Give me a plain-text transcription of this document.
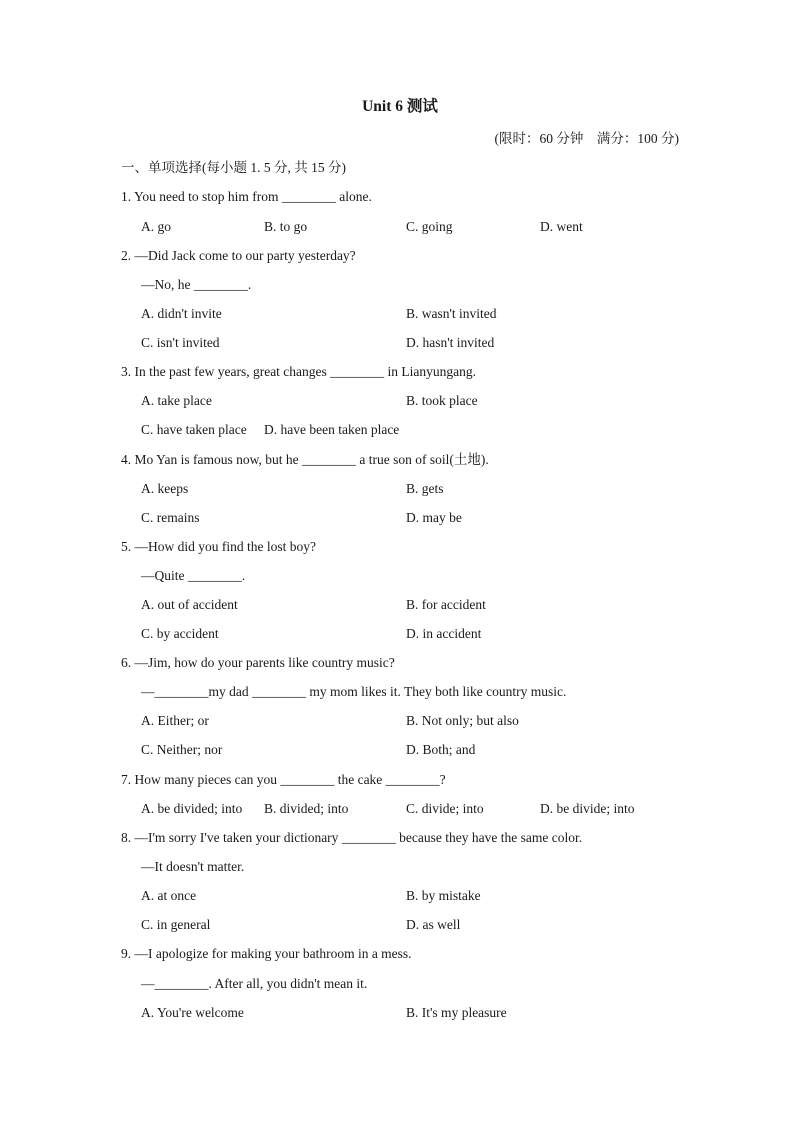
Unit 6 测试
(限时：60 分钟　满分：100 分)
一、单项选择(每小题 1. 5 分, 共 15 分)
1. You need to stop him from ________ alone.
A. go	B. to go	C. going	D. went
2. —Did Jack come to our party yesterday?
—No, he ________.
A. didn't invite	B. wasn't invited
C. isn't invited	D. hasn't invited
3. In the past few years, great changes ________ in Lianyungang.
A. take place	B. took place
C. have taken place D. have been taken place
4. Mo Yan is famous now, but he ________ a true son of soil(土地).
A. keeps	B. gets
C. remains	D. may be
5. —How did you find the lost boy?
—Quite ________.
A. out of accident	B. for accident
C. by accident	D. in accident
6. —Jim, how do your parents like country music?
—________my dad ________ my mom likes it. They both like country music.
A. Either; or	B. Not only; but also
C. Neither; nor	D. Both; and
7. How many pieces can you ________ the cake ________?
A. be divided; into B. divided; into	C. divide; into	D. be divide; into
8. —I'm sorry I've taken your dictionary ________ because they have the same color.
—It doesn't matter.
A. at once	B. by mistake
C. in general	D. as well
9. —I apologize for making your bathroom in a mess.
—________. After all, you didn't mean it.
A. You're welcome	B. It's my pleasure
